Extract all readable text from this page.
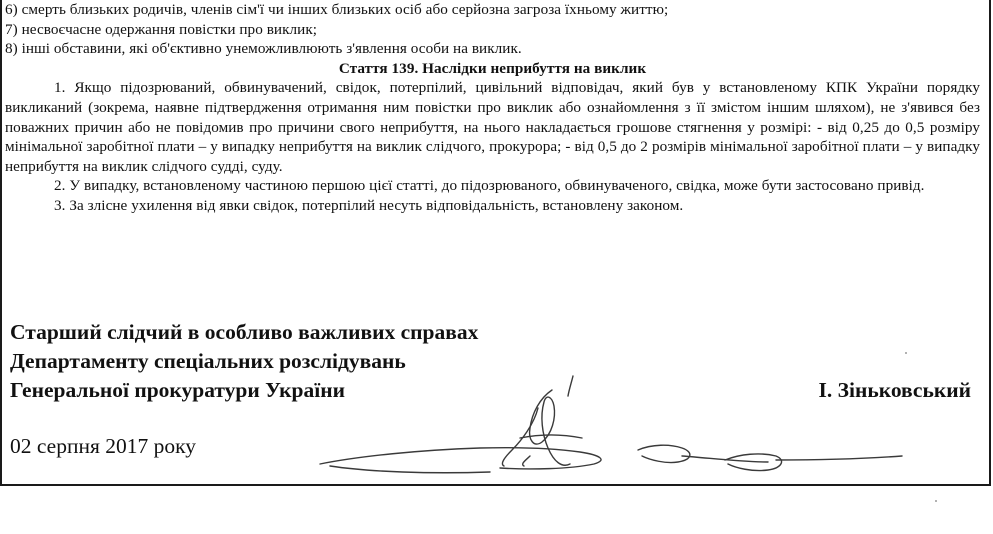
6) смерть близьких родичів, членів сім'ї чи інших близьких осіб або серйозна загроза їхньому життю;

7) несвоєчасне одержання повістки про виклик;

8) інші обставини, які об'єктивно унеможливлюють з'явлення особи на виклик.

Стаття 139. Наслідки неприбуття на виклик

1. Якщо підозрюваний, обвинувачений, свідок, потерпілий, цивільний відповідач, який був у встановленому КПК України порядку викликаний (зокрема, наявне підтвердження отримання ним повістки про виклик або ознайомлення з її змістом іншим шляхом), не з'явився без поважних причин або не повідомив про причини свого неприбуття, на нього накладається грошове стягнення у розмірі: - від 0,25 до 0,5 розміру мінімальної заробітної плати – у випадку неприбуття на виклик слідчого, прокурора; - від 0,5 до 2 розмірів мінімальної заробітної плати – у випадку неприбуття на виклик слідчого судді, суду.

2. У випадку, встановленому частиною першою цієї статті, до підозрюваного, обвинуваченого, свідка, може бути застосовано привід.

3. За злісне ухилення від явки свідок, потерпілий несуть відповідальність, встановлену законом.

Старший слідчий в особливо важливих справах
Департаменту спеціальних розслідувань
Генеральної прокуратури України	І. Зіньковський
02 серпня 2017 року
